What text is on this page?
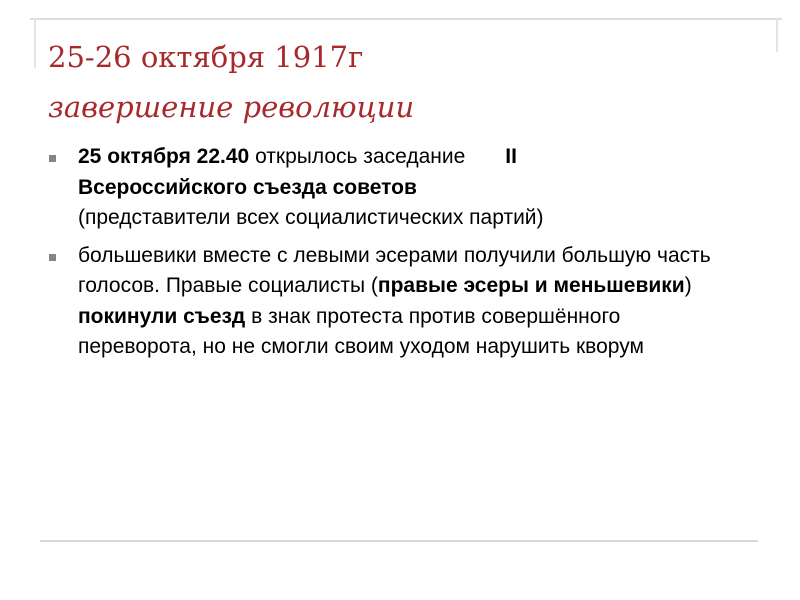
25-26 октября 1917г
завершение революции
25 октября 22.40 открылось заседание II
Всероссийского съезда советов
(представители всех социалистических партий)
большевики вместе с левыми эсерами получили большую часть голосов. Правые социалисты (правые эсеры и меньшевики) покинули съезд в знак протеста против совершённого переворота, но не смогли своим уходом нарушить кворум
